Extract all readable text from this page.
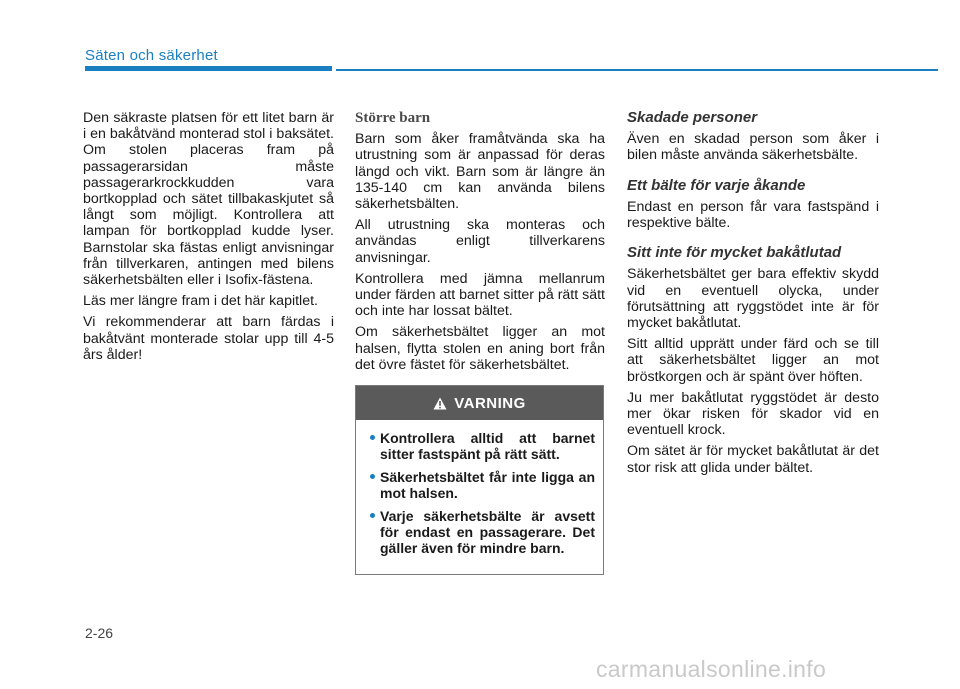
Säten och säkerhet

Den säkraste platsen för ett litet barn är i en bakåtvänd monterad stol i baksätet. Om stolen placeras fram på passagerarsidan måste passagerarkrockkudden vara bortkopplad och sätet tillbakaskjutet så långt som möjligt. Kontrollera att lampan för bortkopplad kudde lyser. Barnstolar ska fästas enligt anvisningar från tillverkaren, antingen med bilens säkerhetsbälten eller i Isofix-fästena.

Läs mer längre fram i det här kapitlet.

Vi rekommenderar att barn färdas i bakåtvänt monterade stolar upp till 4-5 års ålder!

Större barn

Barn som åker framåtvända ska ha utrustning som är anpassad för deras längd och vikt. Barn som är längre än 135-140 cm kan använda bilens säkerhetsbälten.

All utrustning ska monteras och användas enligt tillverkarens anvisningar.

Kontrollera med jämna mellanrum under färden att barnet sitter på rätt sätt och inte har lossat bältet.

Om säkerhetsbältet ligger an mot halsen, flytta stolen en aning bort från det övre fästet för säkerhetsbältet.

VARNING
Kontrollera alltid att barnet sitter fastspänt på rätt sätt.
Säkerhetsbältet får inte ligga an mot halsen.
Varje säkerhetsbälte är avsett för endast en passagerare. Det gäller även för mindre barn.
Skadade personer

Även en skadad person som åker i bilen måste använda säkerhetsbälte.

Ett bälte för varje åkande

Endast en person får vara fastspänd i respektive bälte.

Sitt inte för mycket bakåtlutad

Säkerhetsbältet ger bara effektiv skydd vid en eventuell olycka, under förutsättning att ryggstödet inte är för mycket bakåtlutat.

Sitt alltid upprätt under färd och se till att säkerhetsbältet ligger an mot bröstkorgen och är spänt över höften.

Ju mer bakåtlutat ryggstödet är desto mer ökar risken för skador vid en eventuell krock.

Om sätet är för mycket bakåtlutat är det stor risk att glida under bältet.

2-26
carmanualsonline.info
